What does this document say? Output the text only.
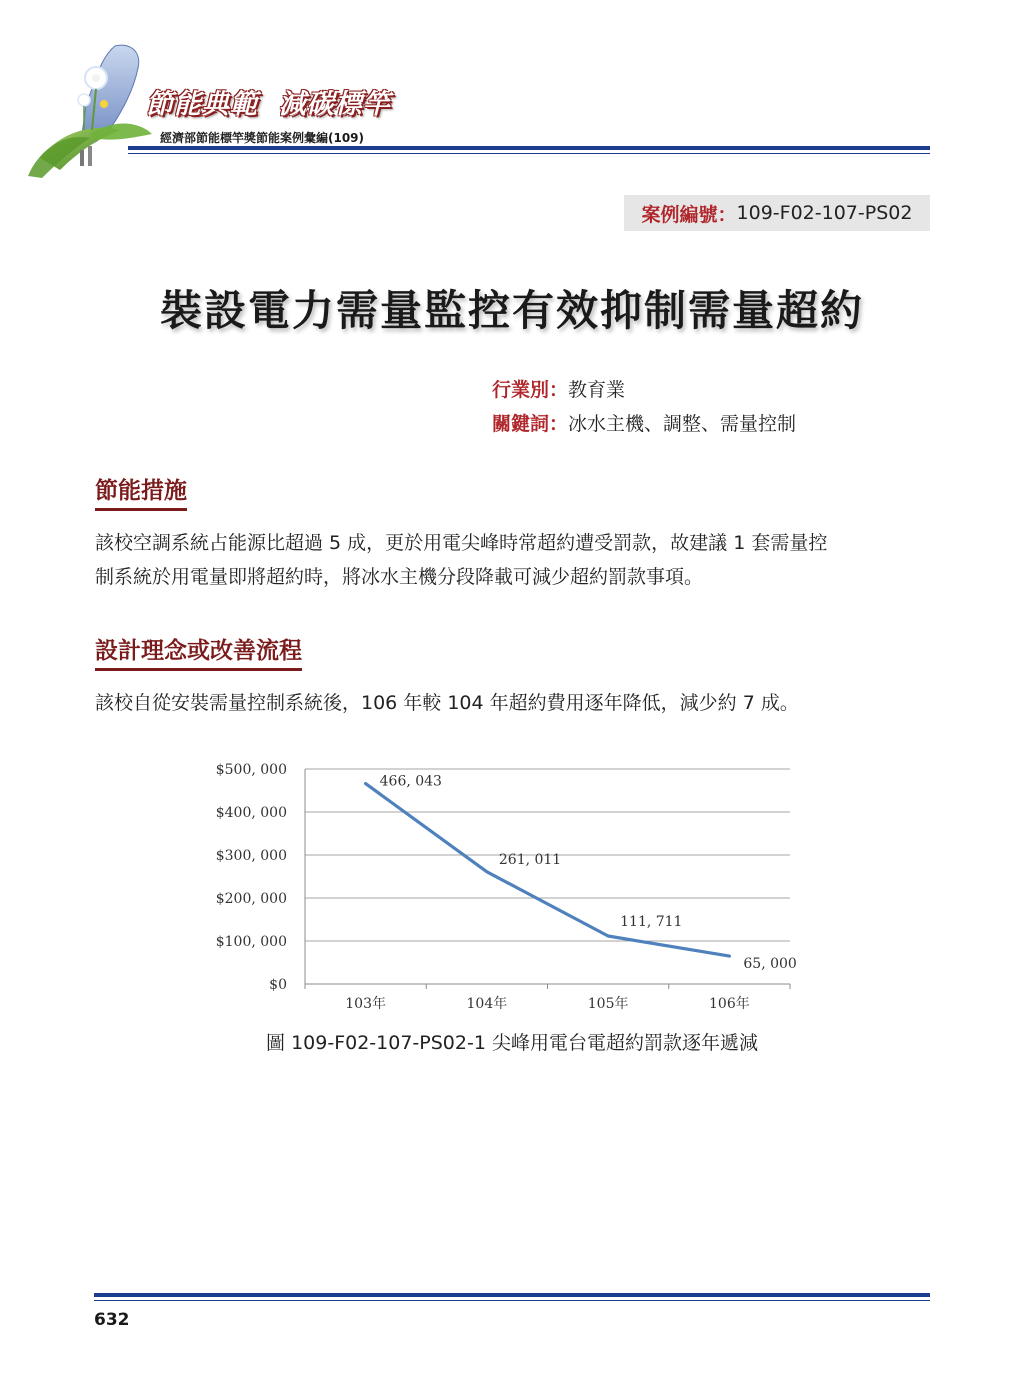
節能典範  減碳標竿
經濟部節能標竿獎節能案例彙編(109)
案例編號： 109-F02-107-PS02
裝設電力需量監控有效抑制需量超約
行業別：教育業
關鍵詞：冰水主機、調整、需量控制
節能措施
該校空調系統占能源比超過 5 成，更於用電尖峰時常超約遭受罰款，故建議 1 套需量控
制系統於用電量即將超約時，將冰水主機分段降載可減少超約罰款事項。
設計理念或改善流程
該校自從安裝需量控制系統後，106 年較 104 年超約費用逐年降低，減少約 7 成。
$0
$100, 000
$200, 000
$300, 000
$400, 000
$500, 000
103年	104年	105年	106年
466, 043
261, 011
111, 711
65, 000
圖 109-F02-107-PS02-1 尖峰用電台電超約罰款逐年遞減
632
